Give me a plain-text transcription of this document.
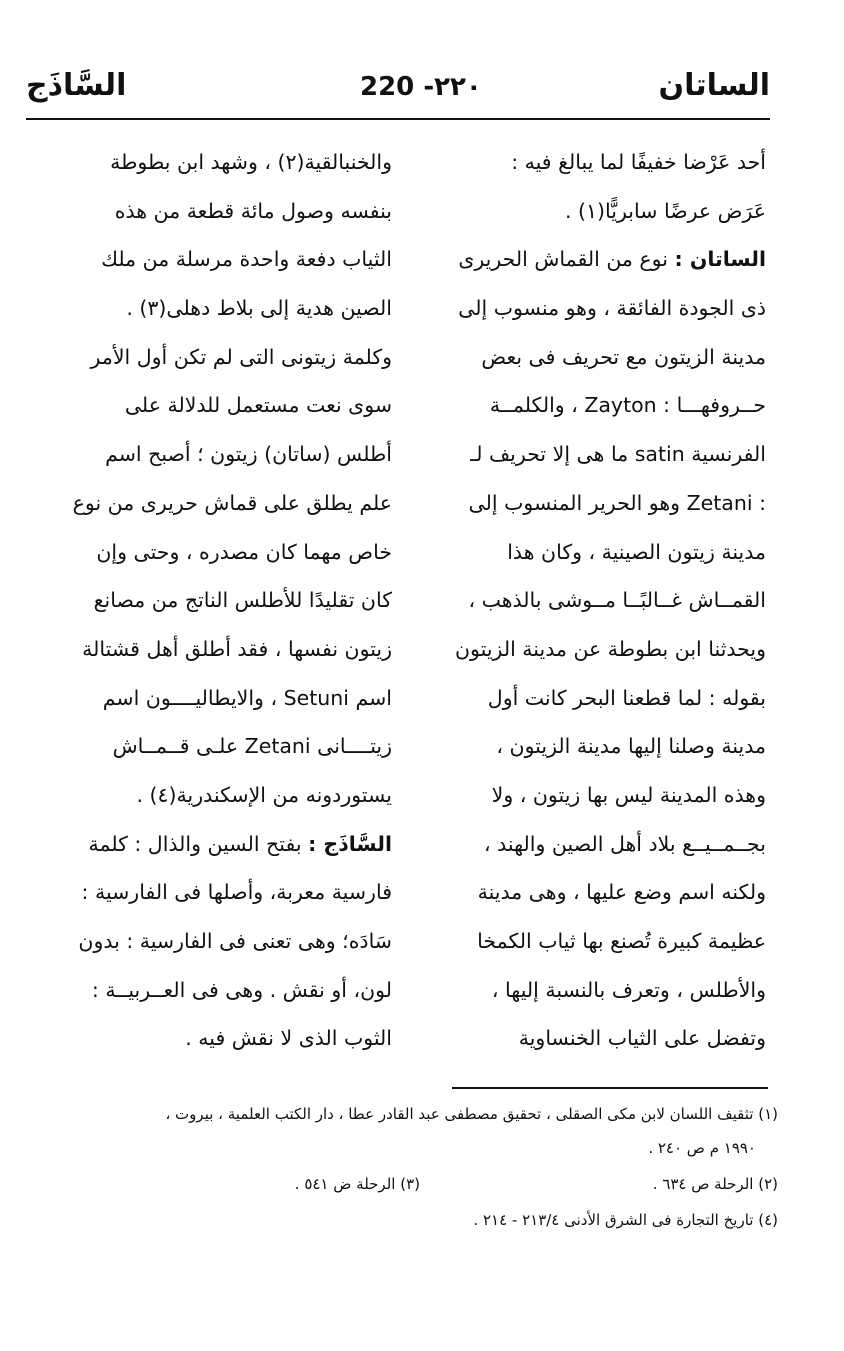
السَّاذَج	220 -٢٢٠	الساتان
أحد عَرْضا خفيفًا لما يبالغ فيه :
عَرَض عرضًا سابريًّا(١) .
الساتان : نوع من القماش الحريرى
ذى الجودة الفائقة ، وهو منسوب إلى
مدينة الزيتون مع تحريف فى بعض
حــروفهـــا : Zayton ، والكلمــة
الفرنسية satin ما هى إلا تحريف لـ
: Zetani وهو الحرير المنسوب إلى
مدينة زيتون الصينية ، وكان هذا
القمــاش غــالبًــا مــوشى بالذهب ،
ويحدثنا ابن بطوطة عن مدينة الزيتون
بقوله : لما قطعنا البحر كانت أول
مدينة وصلنا إليها مدينة الزيتون ،
وهذه المدينة ليس بها زيتون ، ولا
بجــمــيــع بلاد أهل الصين والهند ،
ولكنه اسم وضع عليها ، وهى مدينة
عظيمة كبيرة تُصنع بها ثياب الكمخا
والأطلس ، وتعرف بالنسبة إليها ،
وتفضل على الثياب الخنساوية
والخنبالقية(٢) ، وشهد ابن بطوطة
بنفسه وصول مائة قطعة من هذه
الثياب دفعة واحدة مرسلة من ملك
الصين هدية إلى بلاط دهلى(٣) .
وكلمة زيتونى التى لم تكن أول الأمر
سوى نعت مستعمل للدلالة على
أطلس (ساتان) زيتون ؛ أصبح اسم
علم يطلق على قماش حريرى من نوع
خاص مهما كان مصدره ، وحتى وإن
كان تقليدًا للأطلس الناتج من مصانع
زيتون نفسها ، فقد أطلق أهل قشتالة
اسم Setuni ، والايطاليــــون اسم
زيتــــانى Zetani علـى قــمــاش
يستوردونه من الإسكندرية(٤) .
السَّاذَج : بفتح السين والذال : كلمة
فارسية معربة، وأصلها فى الفارسية :
سَادَه؛ وهى تعنى فى الفارسية : بدون
لون، أو نقش . وهى فى العــربيــة :
الثوب الذى لا نقش فيه .
(١) تثقيف اللسان لابن مكى الصقلى ، تحقيق مصطفى عبد القادر عطا ، دار الكتب العلمية ، بيروت ،
١٩٩٠ م ص ٢٤٠ .
(٢) الرحلة ص ٦٣٤ .
(٣) الرحلة ض ٥٤١ .
(٤) تاريخ التجارة فى الشرق الأدنى ٢١٣/٤ - ٢١٤ .
